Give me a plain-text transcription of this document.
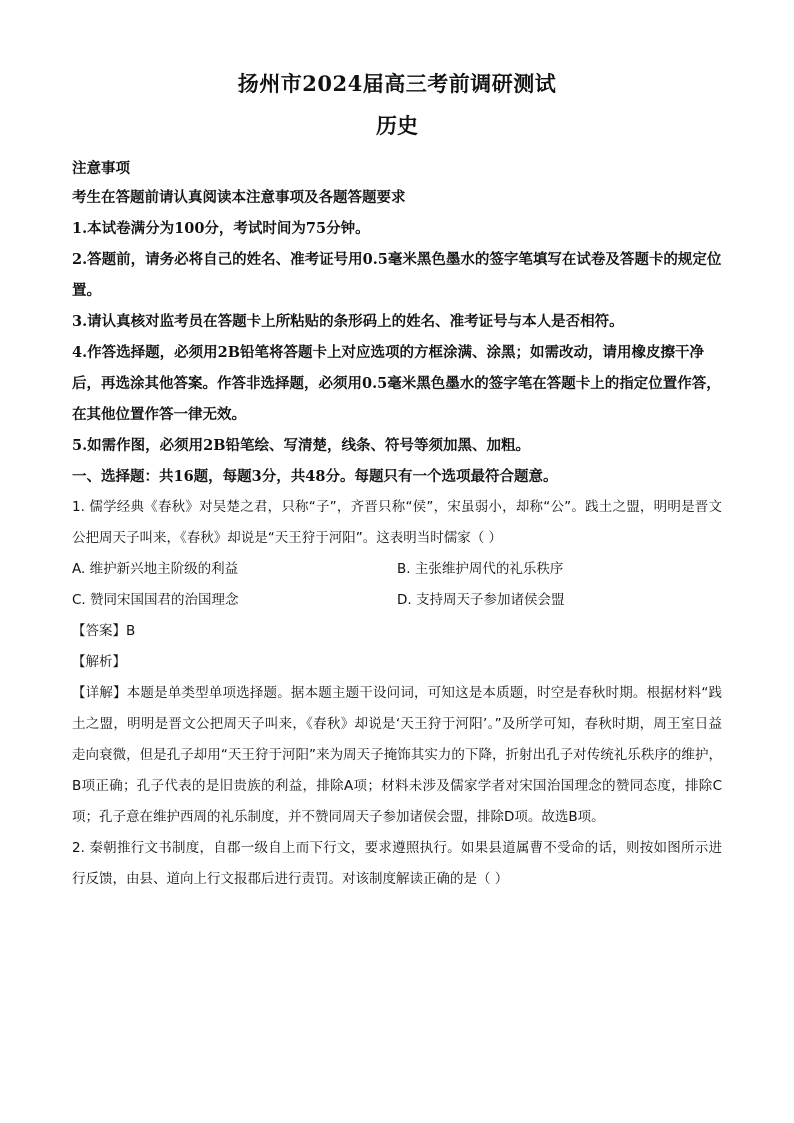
扬州市2024届高三考前调研测试
历史
注意事项
考生在答题前请认真阅读本注意事项及各题答题要求
1.本试卷满分为100分，考试时间为75分钟。
2.答题前，请务必将自己的姓名、准考证号用0.5毫米黑色墨水的签字笔填写在试卷及答题卡的规定位置。
3.请认真核对监考员在答题卡上所粘贴的条形码上的姓名、准考证号与本人是否相符。
4.作答选择题，必须用2B铅笔将答题卡上对应选项的方框涂满、涂黑；如需改动，请用橡皮擦干净后，再选涂其他答案。作答非选择题，必须用0.5毫米黑色墨水的签字笔在答题卡上的指定位置作答，在其他位置作答一律无效。
5.如需作图，必须用2B铅笔绘、写清楚，线条、符号等须加黑、加粗。
一、选择题：共16题，每题3分，共48分。每题只有一个选项最符合题意。
1. 儒学经典《春秋》对吴楚之君，只称“子”，齐晋只称“侯”，宋虽弱小，却称“公”。践土之盟，明明是晋文公把周天子叫来，《春秋》却说是“天王狩于河阳”。这表明当时儒家（ ）
A. 维护新兴地主阶级的利益	B. 主张维护周代的礼乐秩序
C. 赞同宋国国君的治国理念	D. 支持周天子参加诸侯会盟
【答案】B
【解析】
【详解】本题是单类型单项选择题。据本题主题干设问词，可知这是本质题，时空是春秋时期。根据材料“践土之盟，明明是晋文公把周天子叫来，《春秋》却说是‘天王狩于河阳’。”及所学可知，春秋时期，周王室日益走向衰微，但是孔子却用“天王狩于河阳”来为周天子掩饰其实力的下降，折射出孔子对传统礼乐秩序的维护，B项正确；孔子代表的是旧贵族的利益，排除A项；材料未涉及儒家学者对宋国治国理念的赞同态度，排除C项；孔子意在维护西周的礼乐制度，并不赞同周天子参加诸侯会盟，排除D项。故选B项。
2. 秦朝推行文书制度，自郡一级自上而下行文，要求遵照执行。如果县道属曹不受命的话，则按如图所示进行反馈，由县、道向上行文报郡后进行责罚。对该制度解读正确的是（ ）
